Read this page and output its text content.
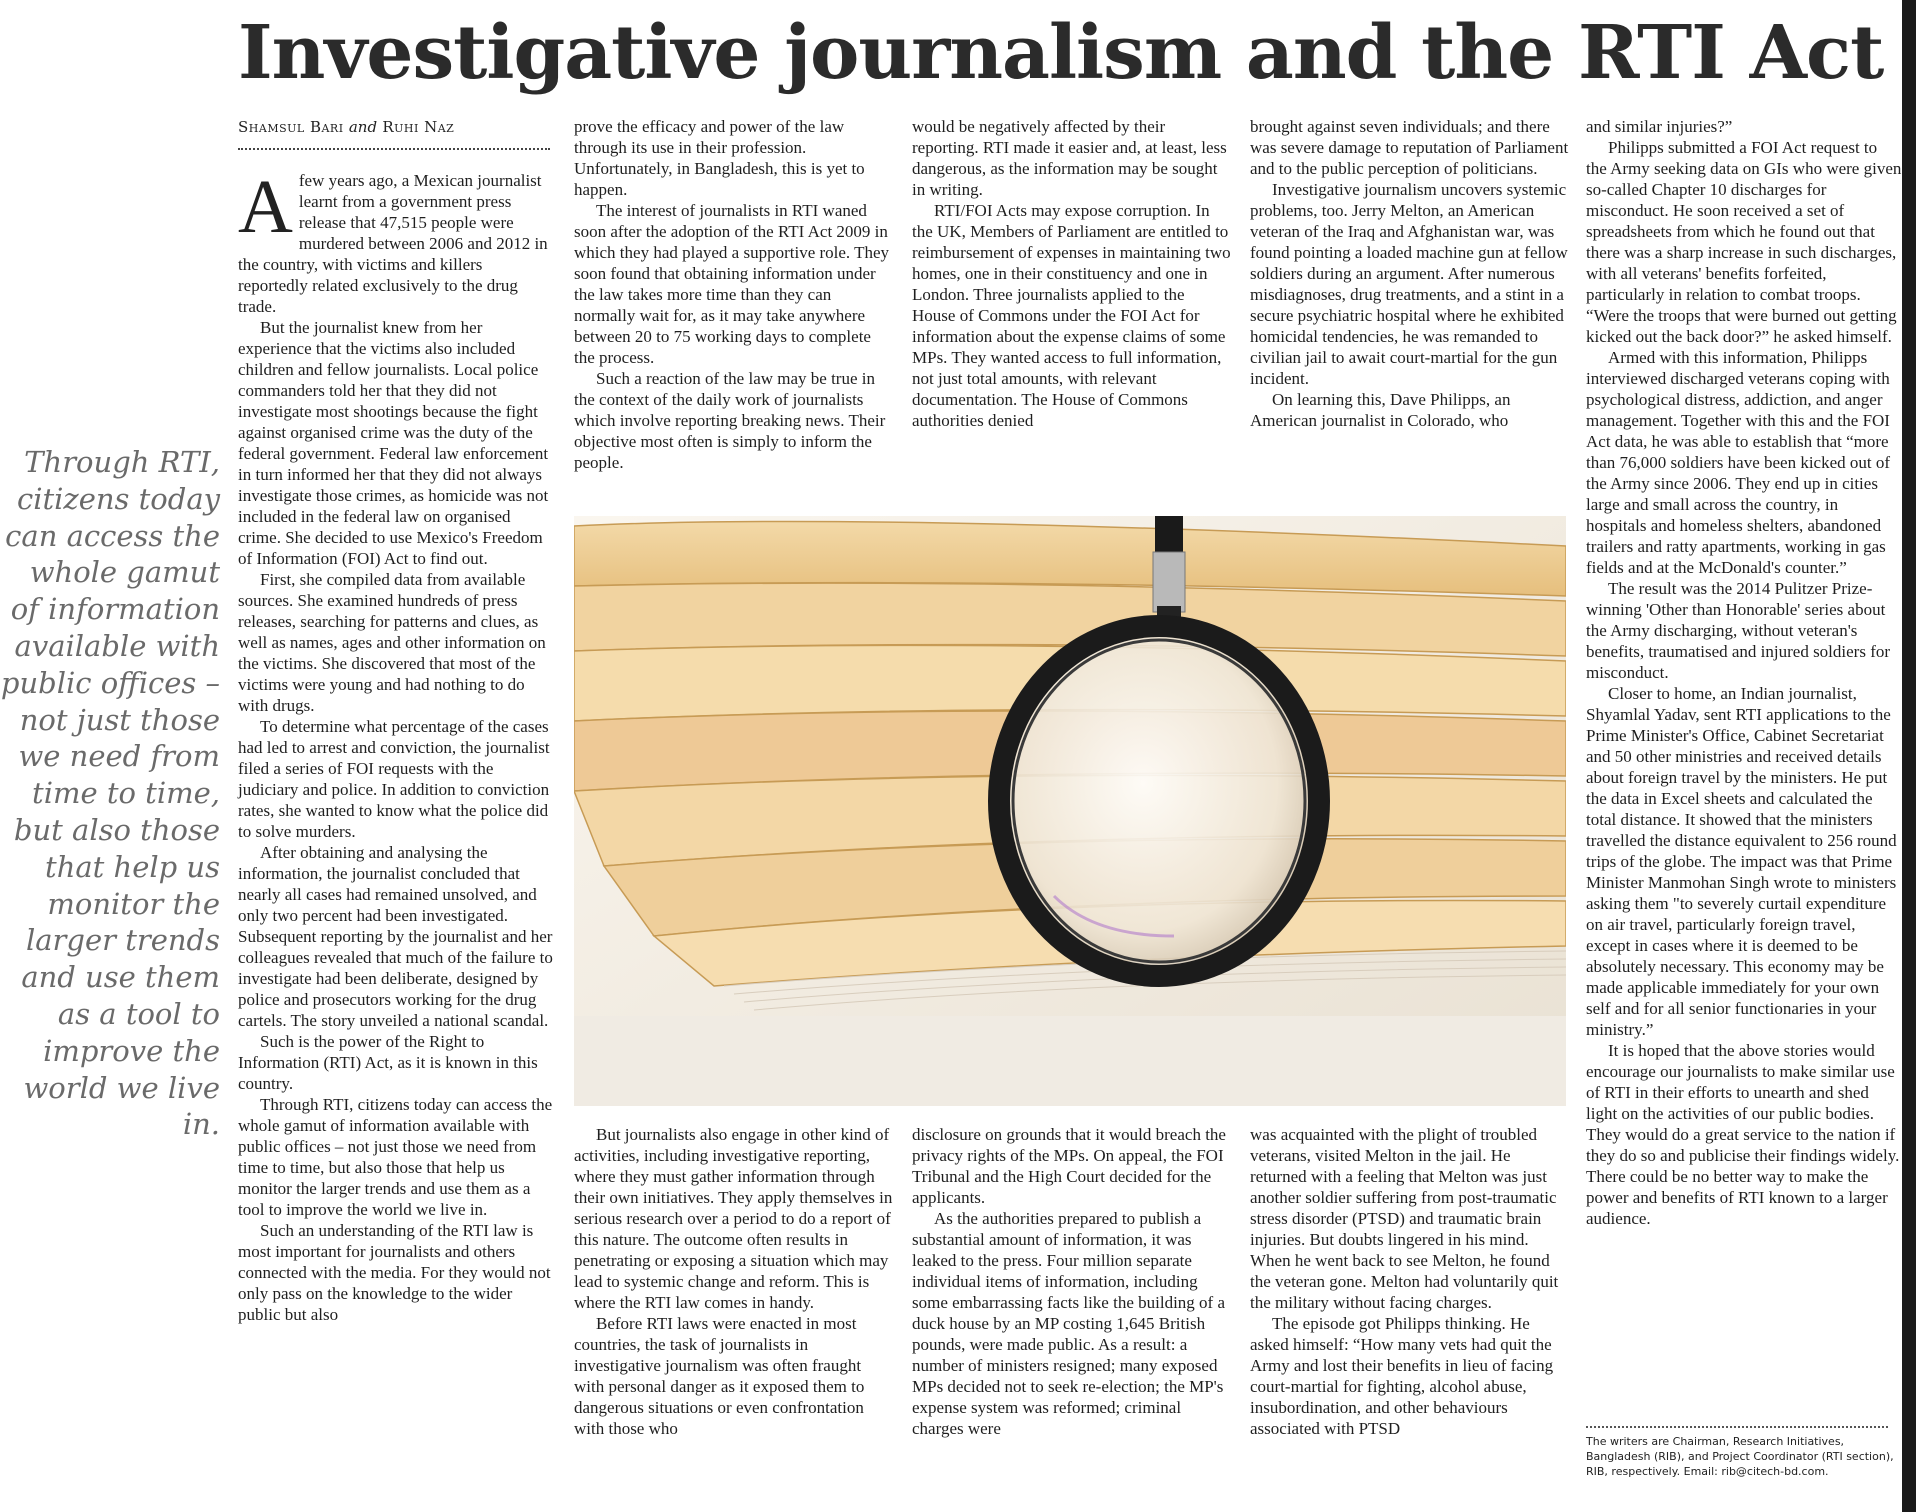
Investigative journalism and the RTI Act
Shamsul Bari and Ruhi Naz
Through RTI, citizens today can access the whole gamut of information available with public offices – not just those we need from time to time, but also those that help us monitor the larger trends and use them as a tool to improve the world we live in.

Afew years ago, a Mexican journalist learnt from a government press release that 47,515 people were murdered between 2006 and 2012 in the country, with victims and killers reportedly related exclusively to the drug trade.

But the journalist knew from her experience that the victims also included children and fellow journalists. Local police commanders told her that they did not investigate most shootings because the fight against organised crime was the duty of the federal government. Federal law enforcement in turn informed her that they did not always investigate those crimes, as homicide was not included in the federal law on organised crime. She decided to use Mexico's Freedom of Information (FOI) Act to find out.

First, she compiled data from available sources. She examined hundreds of press releases, searching for patterns and clues, as well as names, ages and other information on the victims. She discovered that most of the victims were young and had nothing to do with drugs.

To determine what percentage of the cases had led to arrest and conviction, the journalist filed a series of FOI requests with the judiciary and police. In addition to conviction rates, she wanted to know what the police did to solve murders.

After obtaining and analysing the information, the journalist concluded that nearly all cases had remained unsolved, and only two percent had been investigated. Subsequent reporting by the journalist and her colleagues revealed that much of the failure to investigate had been deliberate, designed by police and prosecutors working for the drug cartels. The story unveiled a national scandal.

Such is the power of the Right to Information (RTI) Act, as it is known in this country.

Through RTI, citizens today can access the whole gamut of information available with public offices – not just those we need from time to time, but also those that help us monitor the larger trends and use them as a tool to improve the world we live in.

Such an understanding of the RTI law is most important for journalists and others connected with the media. For they would not only pass on the knowledge to the wider public but also

prove the efficacy and power of the law through its use in their profession. Unfortunately, in Bangladesh, this is yet to happen.

The interest of journalists in RTI waned soon after the adoption of the RTI Act 2009 in which they had played a supportive role. They soon found that obtaining information under the law takes more time than they can normally wait for, as it may take anywhere between 20 to 75 working days to complete the process.

Such a reaction of the law may be true in the context of the daily work of journalists which involve reporting breaking news. Their objective most often is simply to inform the people.

would be negatively affected by their reporting. RTI made it easier and, at least, less dangerous, as the information may be sought in writing.

RTI/FOI Acts may expose corruption. In the UK, Members of Parliament are entitled to reimbursement of expenses in maintaining two homes, one in their constituency and one in London. Three journalists applied to the House of Commons under the FOI Act for information about the expense claims of some MPs. They wanted access to full information, not just total amounts, with relevant documentation. The House of Commons authorities denied

brought against seven individuals; and there was severe damage to reputation of Parliament and to the public perception of politicians.

Investigative journalism uncovers systemic problems, too. Jerry Melton, an American veteran of the Iraq and Afghanistan war, was found pointing a loaded machine gun at fellow soldiers during an argument. After numerous misdiagnoses, drug treatments, and a stint in a secure psychiatric hospital where he exhibited homicidal tendencies, he was remanded to civilian jail to await court-martial for the gun incident.

On learning this, Dave Philipps, an American journalist in Colorado, who

But journalists also engage in other kind of activities, including investigative reporting, where they must gather information through their own initiatives. They apply themselves in serious research over a period to do a report of this nature. The outcome often results in penetrating or exposing a situation which may lead to systemic change and reform. This is where the RTI law comes in handy.

Before RTI laws were enacted in most countries, the task of journalists in investigative journalism was often fraught with personal danger as it exposed them to dangerous situations or even confrontation with those who

disclosure on grounds that it would breach the privacy rights of the MPs. On appeal, the FOI Tribunal and the High Court decided for the applicants.

As the authorities prepared to publish a substantial amount of information, it was leaked to the press. Four million separate individual items of information, including some embarrassing facts like the building of a duck house by an MP costing 1,645 British pounds, were made public. As a result: a number of ministers resigned; many exposed MPs decided not to seek re-election; the MP's expense system was reformed; criminal charges were

was acquainted with the plight of troubled veterans, visited Melton in the jail. He returned with a feeling that Melton was just another soldier suffering from post-traumatic stress disorder (PTSD) and traumatic brain injuries. But doubts lingered in his mind. When he went back to see Melton, he found the veteran gone. Melton had voluntarily quit the military without facing charges.

The episode got Philipps thinking. He asked himself: “How many vets had quit the Army and lost their benefits in lieu of facing court-martial for fighting, alcohol abuse, insubordination, and other behaviours associated with PTSD

and similar injuries?”

Philipps submitted a FOI Act request to the Army seeking data on GIs who were given so-called Chapter 10 discharges for misconduct. He soon received a set of spreadsheets from which he found out that there was a sharp increase in such discharges, with all veterans' benefits forfeited, particularly in relation to combat troops. “Were the troops that were burned out getting kicked out the back door?” he asked himself.

Armed with this information, Philipps interviewed discharged veterans coping with psychological distress, addiction, and anger management. Together with this and the FOI Act data, he was able to establish that “more than 76,000 soldiers have been kicked out of the Army since 2006. They end up in cities large and small across the country, in hospitals and homeless shelters, abandoned trailers and ratty apartments, working in gas fields and at the McDonald's counter.”

The result was the 2014 Pulitzer Prize-winning 'Other than Honorable' series about the Army discharging, without veteran's benefits, traumatised and injured soldiers for misconduct.

Closer to home, an Indian journalist, Shyamlal Yadav, sent RTI applications to the Prime Minister's Office, Cabinet Secretariat and 50 other ministries and received details about foreign travel by the ministers. He put the data in Excel sheets and calculated the total distance. It showed that the ministers travelled the distance equivalent to 256 round trips of the globe. The impact was that Prime Minister Manmohan Singh wrote to ministers asking them "to severely curtail expenditure on air travel, particularly foreign travel, except in cases where it is deemed to be absolutely necessary. This economy may be made applicable immediately for your own self and for all senior functionaries in your ministry.”

It is hoped that the above stories would encourage our journalists to make similar use of RTI in their efforts to unearth and shed light on the activities of our public bodies. They would do a great service to the nation if they do so and publicise their findings widely. There could be no better way to make the power and benefits of RTI known to a larger audience.

The writers are Chairman, Research Initiatives, Bangladesh (RIB), and Project Coordinator (RTI section), RIB, respectively. Email: rib@citech-bd.com.
